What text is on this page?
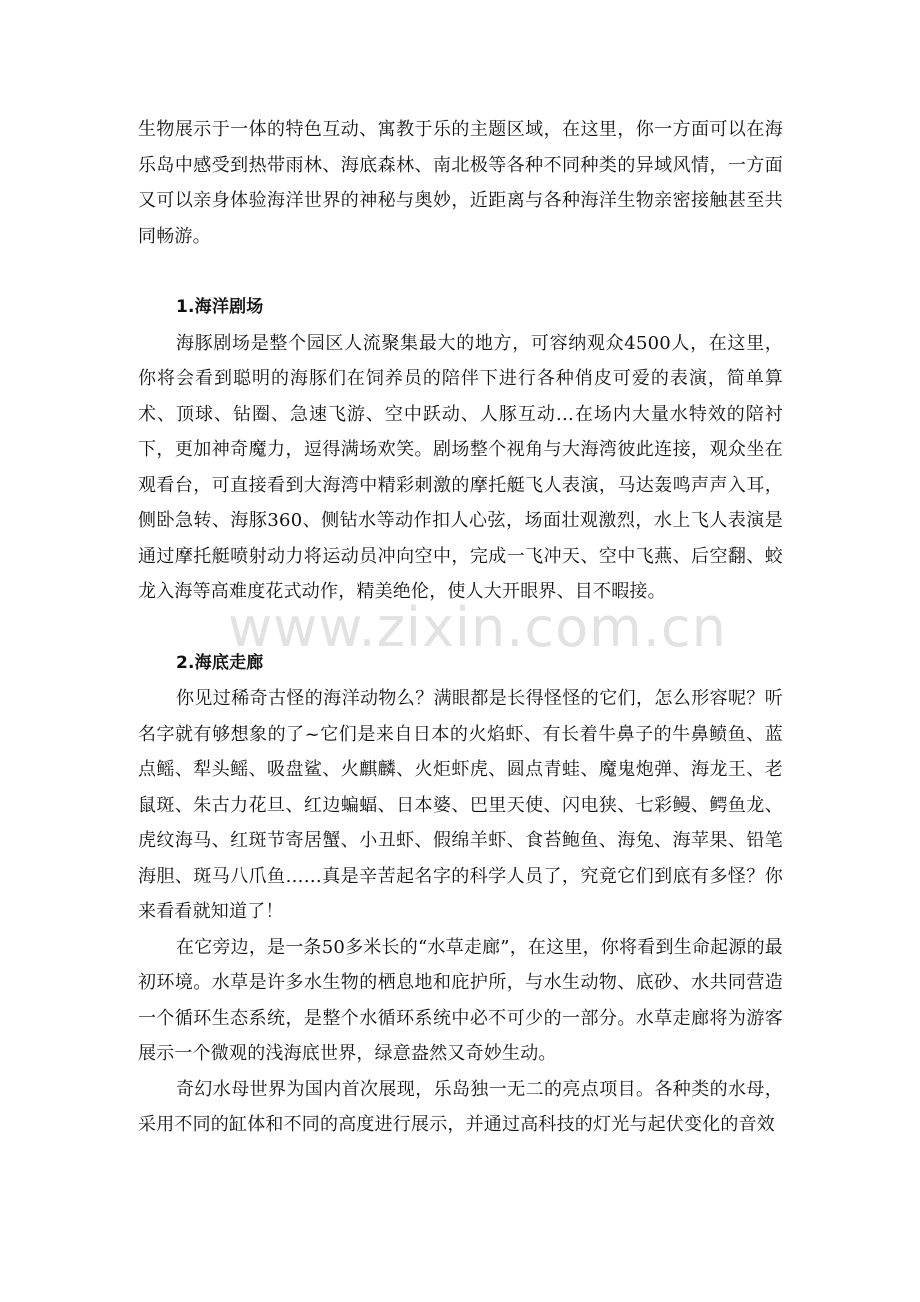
生物展示于一体的特色互动、寓教于乐的主题区域，在这里，你一方面可以在海乐岛中感受到热带雨林、海底森林、南北极等各种不同种类的异域风情，一方面又可以亲身体验海洋世界的神秘与奥妙，近距离与各种海洋生物亲密接触甚至共同畅游。

1.海洋剧场

海豚剧场是整个园区人流聚集最大的地方，可容纳观众4500人，在这里，你将会看到聪明的海豚们在饲养员的陪伴下进行各种俏皮可爱的表演，简单算术、顶球、钻圈、急速飞游、空中跃动、人豚互动…在场内大量水特效的陪衬下，更加神奇魔力，逗得满场欢笑。剧场整个视角与大海湾彼此连接，观众坐在观看台，可直接看到大海湾中精彩刺激的摩托艇飞人表演，马达轰鸣声声入耳，侧卧急转、海豚360、侧钻水等动作扣人心弦，场面壮观激烈，水上飞人表演是通过摩托艇喷射动力将运动员冲向空中，完成一飞冲天、空中飞燕、后空翻、蛟龙入海等高难度花式动作，精美绝伦，使人大开眼界、目不暇接。

2.海底走廊

你见过稀奇古怪的海洋动物么？满眼都是长得怪怪的它们，怎么形容呢？听名字就有够想象的了~它们是来自日本的火焰虾、有长着牛鼻子的牛鼻鲼鱼、蓝点鳐、犁头鳐、吸盘鲨、火麒麟、火炬虾虎、圆点青蛙、魔鬼炮弹、海龙王、老鼠斑、朱古力花旦、红边蝙蝠、日本婆、巴里天使、闪电狭、七彩鳗、鳄鱼龙、虎纹海马、红斑节寄居蟹、小丑虾、假绵羊虾、食苔鲍鱼、海兔、海苹果、铅笔海胆、斑马八爪鱼……真是辛苦起名字的科学人员了，究竟它们到底有多怪？你来看看就知道了！

在它旁边，是一条50多米长的“水草走廊”，在这里，你将看到生命起源的最初环境。水草是许多水生物的栖息地和庇护所，与水生动物、底砂、水共同营造一个循环生态系统，是整个水循环系统中必不可少的一部分。水草走廊将为游客展示一个微观的浅海底世界，绿意盎然又奇妙生动。

奇幻水母世界为国内首次展现，乐岛独一无二的亮点项目。各种类的水母，采用不同的缸体和不同的高度进行展示，并通过高科技的灯光与起伏变化的音效

www.zixin.com.cn
